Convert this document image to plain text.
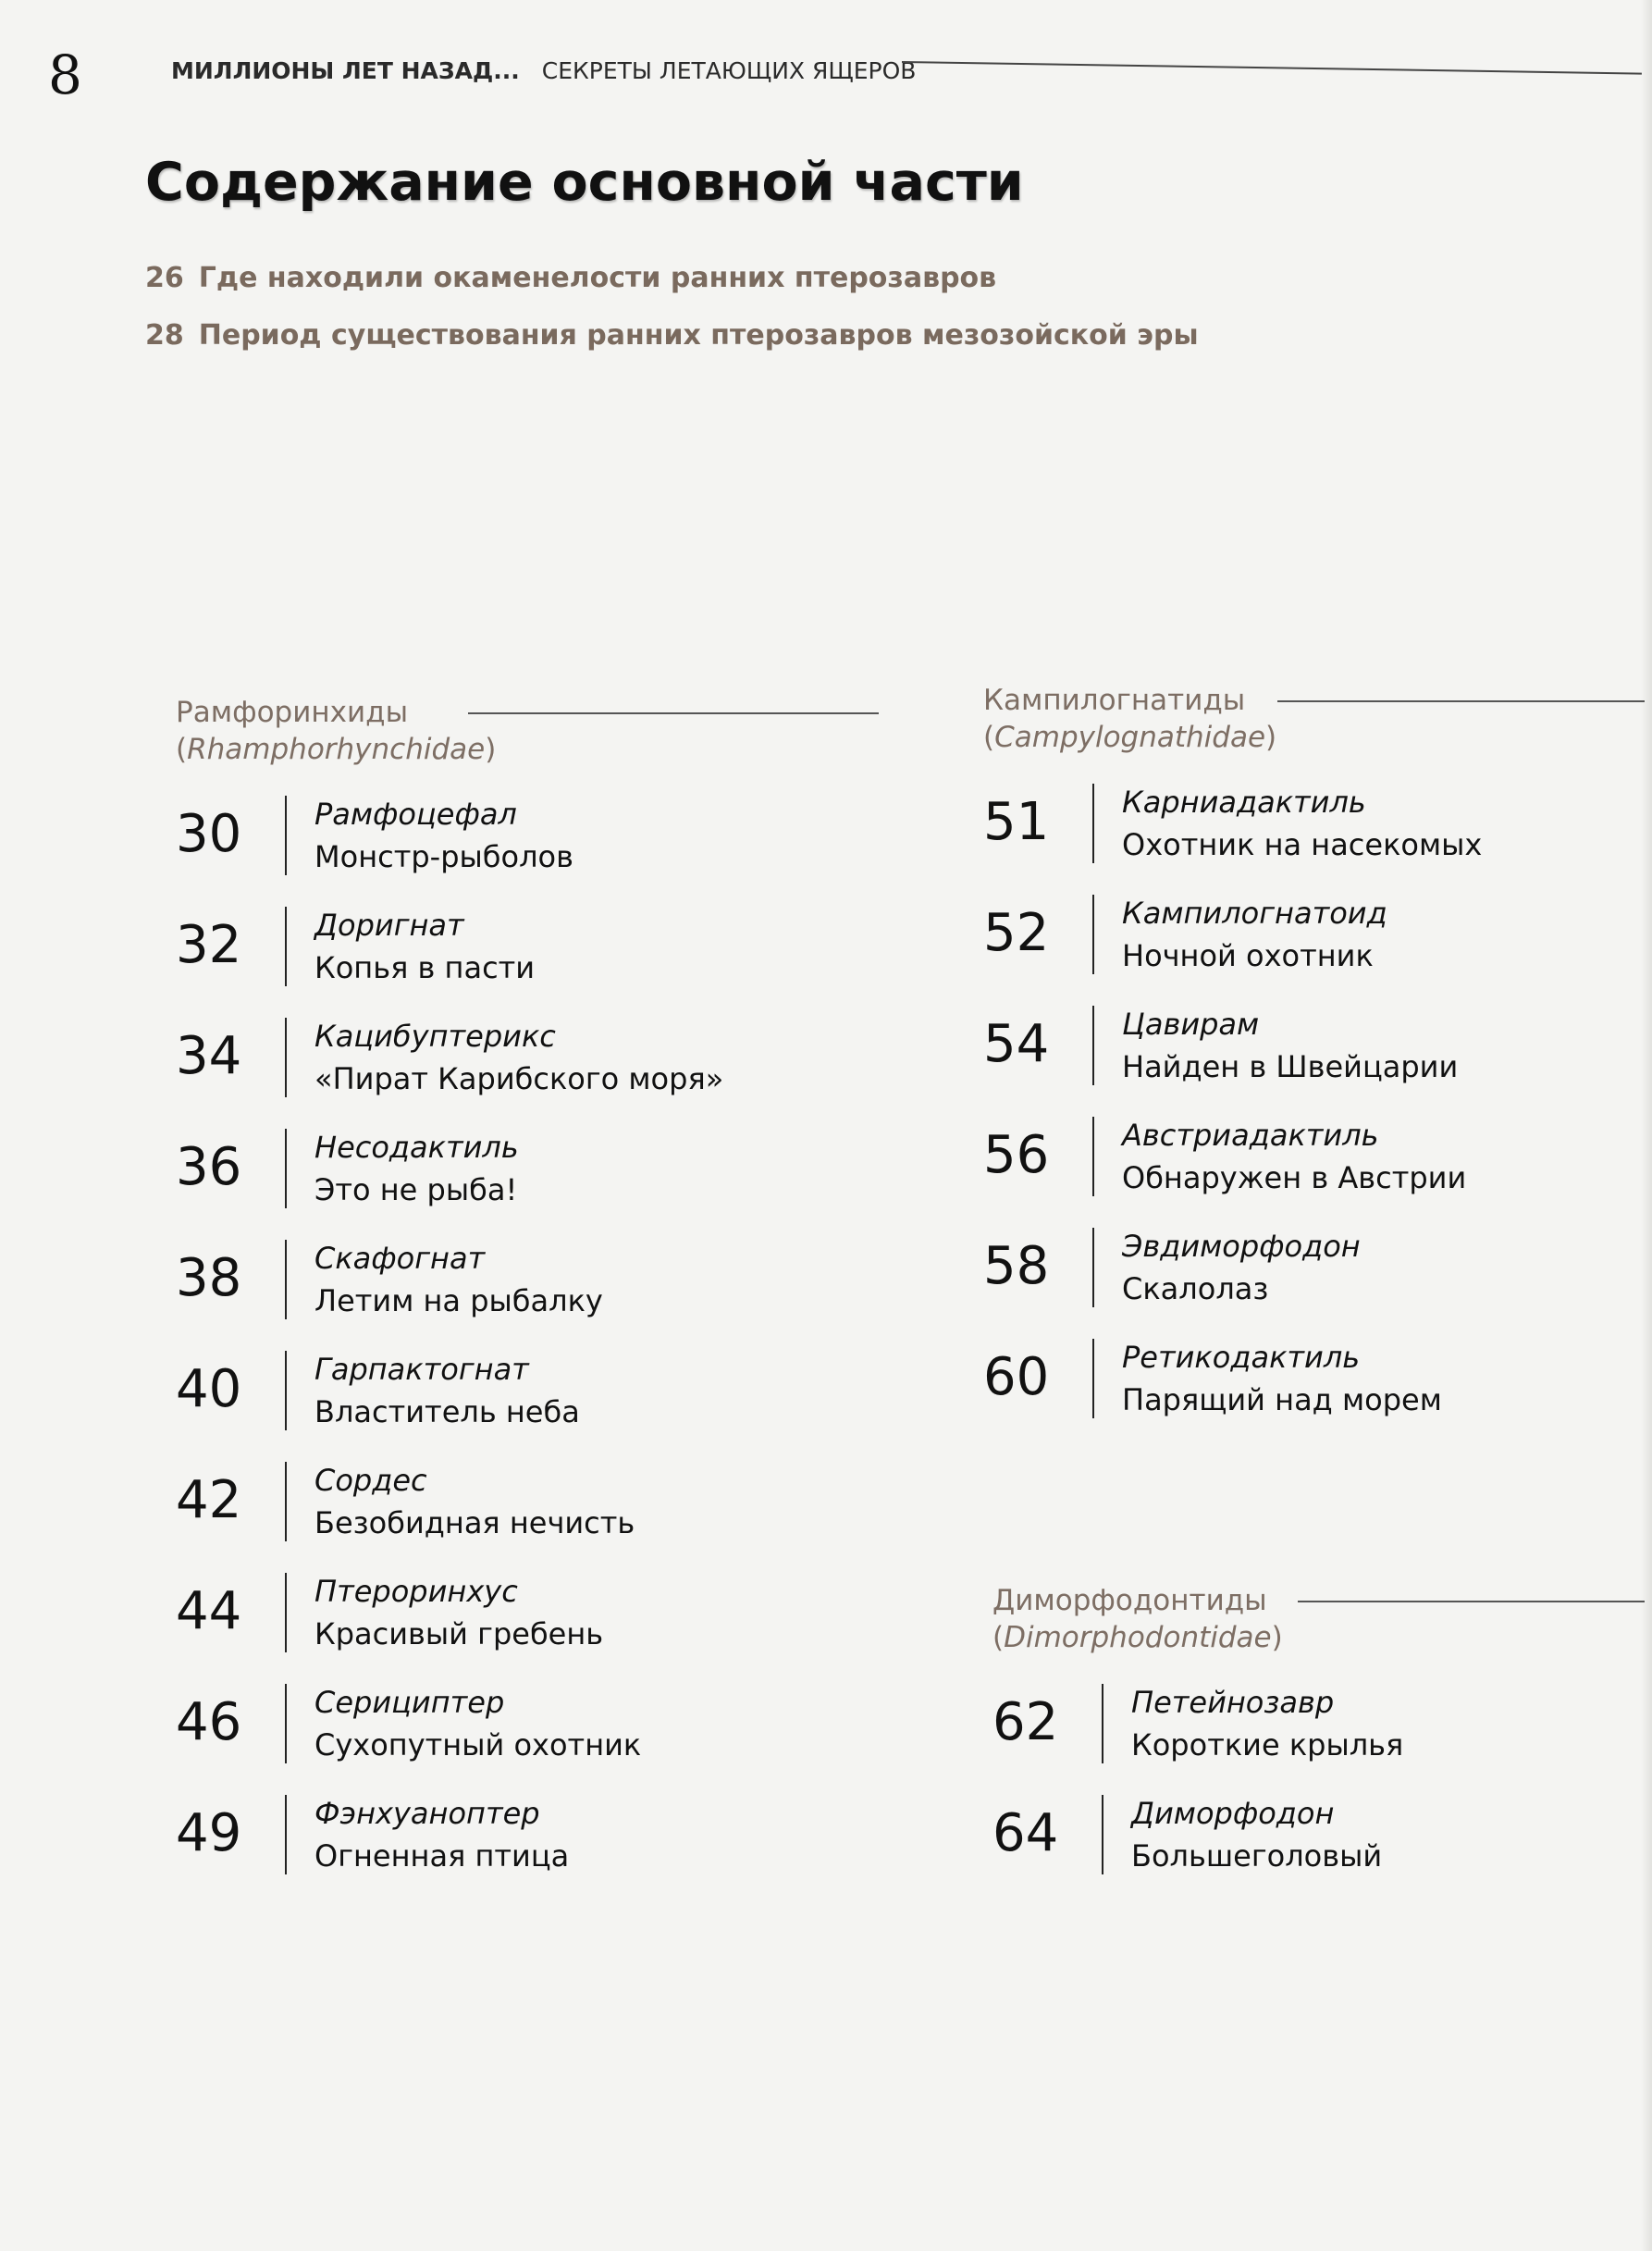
8	МИЛЛИОНЫ ЛЕТ НАЗАД... СЕКРЕТЫ ЛЕТАЮЩИХ ЯЩЕРОВ
Содержание основной части
26 Где находили окаменелости ранних птерозавров
28 Период существования ранних птерозавров мезозойской эры
Рамфоринхиды
(Rhamphorhynchidae)
30	Рамфоцефал
Монстр-рыболов
32	Доригнат
Копья в пасти
34	Кацибуптерикс
«Пират Карибского моря»
36	Несодактиль
Это не рыба!
38	Скафогнат
Летим на рыбалку
40	Гарпактогнат
Властитель неба
42	Сордес
Безобидная нечисть
44	Птероринхус
Красивый гребень
46	Серициптер
Сухопутный охотник
49	Фэнхуаноптер
Огненная птица
Кампилогнатиды
(Campylognathidae)
51	Карниадактиль
Охотник на насекомых
52	Кампилогнатоид
Ночной охотник
54	Цавирам
Найден в Швейцарии
56	Австриадактиль
Обнаружен в Австрии
58	Эвдиморфодон
Скалолаз
60	Ретикодактиль
Парящий над морем
Диморфодонтиды
(Dimorphodontidae)
62	Петейнозавр
Короткие крылья
64	Диморфодон
Большеголовый
